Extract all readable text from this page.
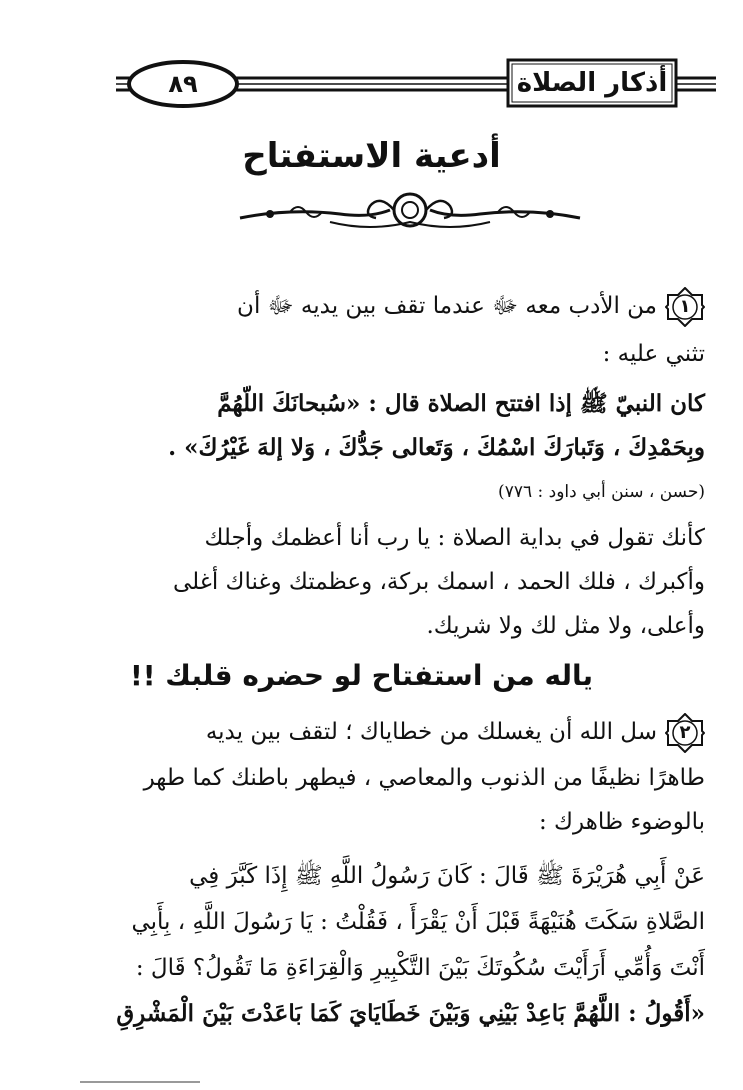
٨٩	أذكار الصلاة
أدعية الاستفتاح
١
من الأدب معه ﷻ عندما تقف بين يديه ﷻ أن
تثني عليه :
كان النبيّ ﷺ إذا افتتح الصلاة قال : «سُبحانَكَ اللّهُمَّ
وبِحَمْدِكَ ، وَتَبارَكَ اسْمُكَ ، وَتَعالى جَدُّكَ ، وَلا إلهَ غَيْرُكَ» .
(حسن ، سنن أبي داود : ٧٧٦)
كأنك تقول في بداية الصلاة : يا رب أنا أعظمك وأجلك
وأكبرك ، فلك الحمد ، اسمك بركة، وعظمتك وغناك أغلى
وأعلى، ولا مثل لك ولا شريك.
ياله من استفتاح لو حضره قلبك !!
٢
سل الله أن يغسلك من خطاياك ؛ لتقف بين يديه
طاهرًا نظيفًا من الذنوب والمعاصي ، فيطهر باطنك كما طهر
بالوضوء ظاهرك :
عَنْ أَبِي هُرَيْرَةَ ﷺ قَالَ : كَانَ رَسُولُ اللَّهِ ﷺ إِذَا كَبَّرَ فِي
الصَّلاةِ سَكَتَ هُنَيْهَةً قَبْلَ أَنْ يَقْرَأَ ، فَقُلْتُ : يَا رَسُولَ اللَّهِ ، بِأَبِي
أَنْتَ وَأُمِّي أَرَأَيْتَ سُكُوتَكَ بَيْنَ التَّكْبِيرِ وَالْقِرَاءَةِ مَا تَقُولُ؟ قَالَ :
«أَقُولُ : اللَّهُمَّ بَاعِدْ بَيْنِي وَبَيْنَ خَطَايَايَ كَمَا بَاعَدْتَ بَيْنَ الْمَشْرِقِ
